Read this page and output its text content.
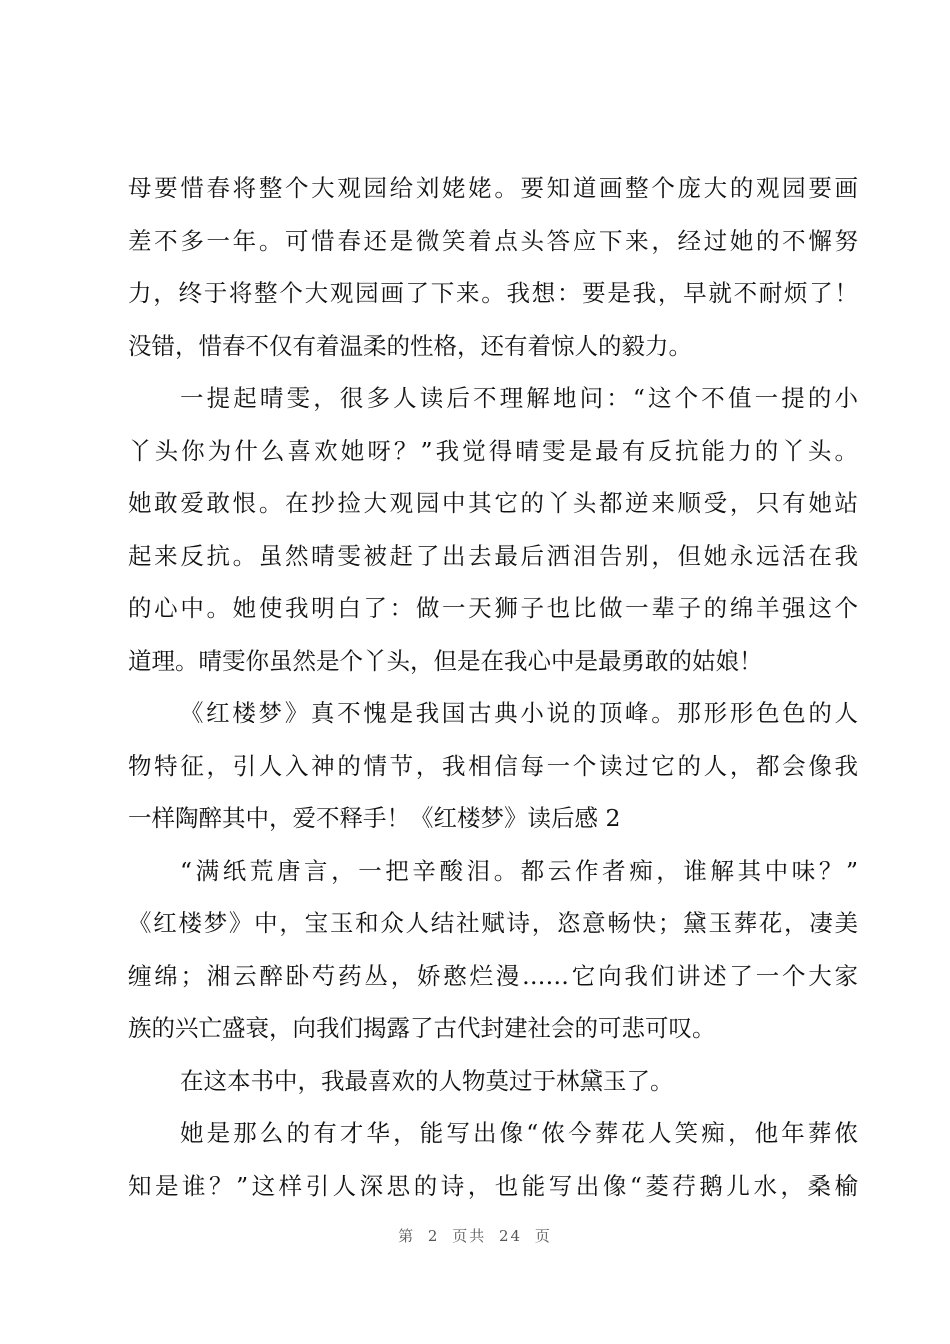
母要惜春将整个大观园给刘姥姥。要知道画整个庞大的观园要画
差不多一年。可惜春还是微笑着点头答应下来，经过她的不懈努
力，终于将整个大观园画了下来。我想：要是我，早就不耐烦了！
没错，惜春不仅有着温柔的性格，还有着惊人的毅力。
一提起晴雯，很多人读后不理解地问：“这个不值一提的小
丫头你为什么喜欢她呀？”我觉得晴雯是最有反抗能力的丫头。
她敢爱敢恨。在抄捡大观园中其它的丫头都逆来顺受，只有她站
起来反抗。虽然晴雯被赶了出去最后洒泪告别，但她永远活在我
的心中。她使我明白了：做一天狮子也比做一辈子的绵羊强这个
道理。晴雯你虽然是个丫头，但是在我心中是最勇敢的姑娘！
《红楼梦》真不愧是我国古典小说的顶峰。那形形色色的人
物特征，引人入神的情节，我相信每一个读过它的人，都会像我
一样陶醉其中，爱不释手！《红楼梦》读后感 2
“满纸荒唐言，一把辛酸泪。都云作者痴，谁解其中味？”
《红楼梦》中，宝玉和众人结社赋诗，恣意畅快；黛玉葬花，凄美
缠绵；湘云醉卧芍药丛，娇憨烂漫……它向我们讲述了一个大家
族的兴亡盛衰，向我们揭露了古代封建社会的可悲可叹。
在这本书中，我最喜欢的人物莫过于林黛玉了。
她是那么的有才华，能写出像“侬今葬花人笑痴，他年葬侬
知是谁？”这样引人深思的诗，也能写出像“菱荇鹅儿水，桑榆
第 2 页共 24 页
